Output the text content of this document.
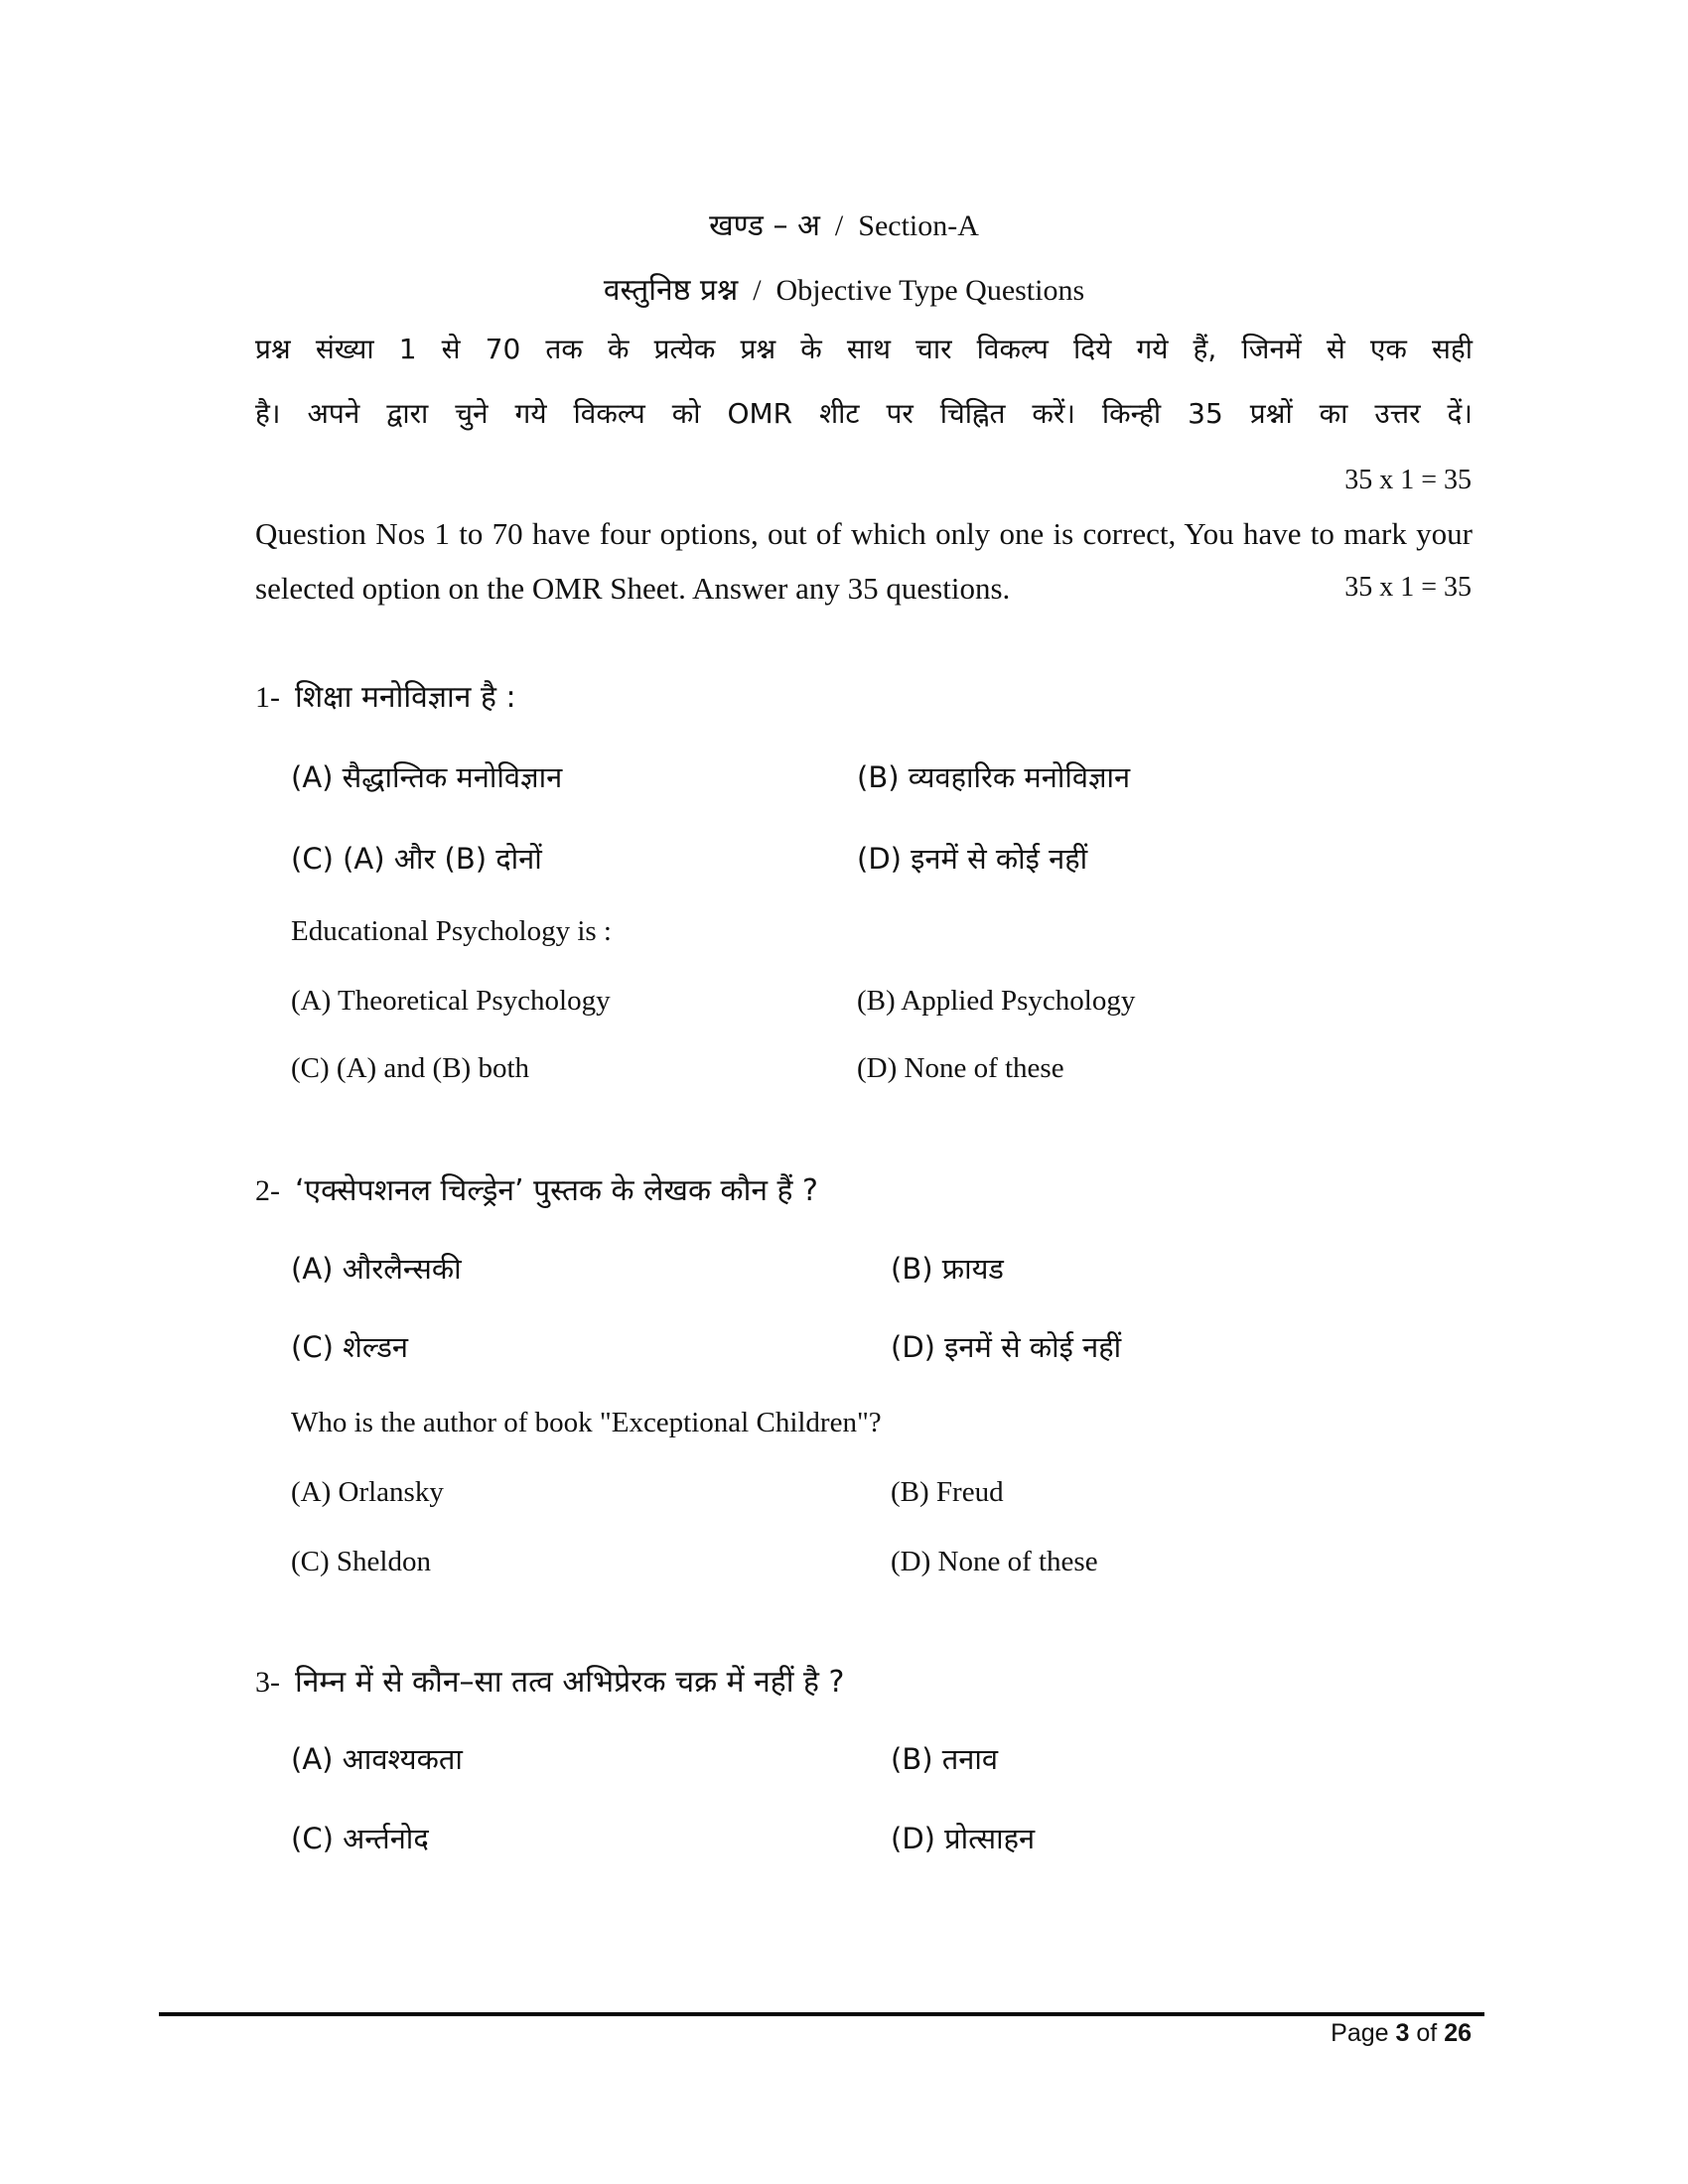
खण्ड – अ / Section-A
वस्तुनिष्ठ प्रश्न / Objective Type Questions
प्रश्न संख्या 1 से 70 तक के प्रत्येक प्रश्न के साथ चार विकल्प दिये गये हैं, जिनमें से एक सही
है। अपने द्वारा चुने गये विकल्प को OMR शीट पर चिह्नित करें। किन्ही 35 प्रश्नों का उत्तर दें।
35 x 1 = 35
Question Nos 1 to 70 have four options, out of which only one is correct, You have to mark your
selected option on the OMR Sheet. Answer any 35 questions.	35 x 1 = 35
1- शिक्षा मनोविज्ञान है :
(A) सैद्धान्तिक मनोविज्ञान	(B) व्यवहारिक मनोविज्ञान
(C) (A) और (B) दोनों	(D) इनमें से कोई नहीं
Educational Psychology is :
(A) Theoretical Psychology	(B) Applied Psychology
(C) (A) and (B) both	(D) None of these
2- ‘एक्सेपशनल चिल्ड्रेन’ पुस्तक के लेखक कौन हैं ?
(A) औरलैन्सकी	(B) फ्रायड
(C) शेल्डन	(D) इनमें से कोई नहीं
Who is the author of book "Exceptional Children"?
(A) Orlansky	(B) Freud
(C) Sheldon	(D) None of these
3- निम्न में से कौन–सा तत्व अभिप्रेरक चक्र में नहीं है ?
(A) आवश्यकता	(B) तनाव
(C) अर्न्तनोद	(D) प्रोत्साहन
Page 3 of 26
